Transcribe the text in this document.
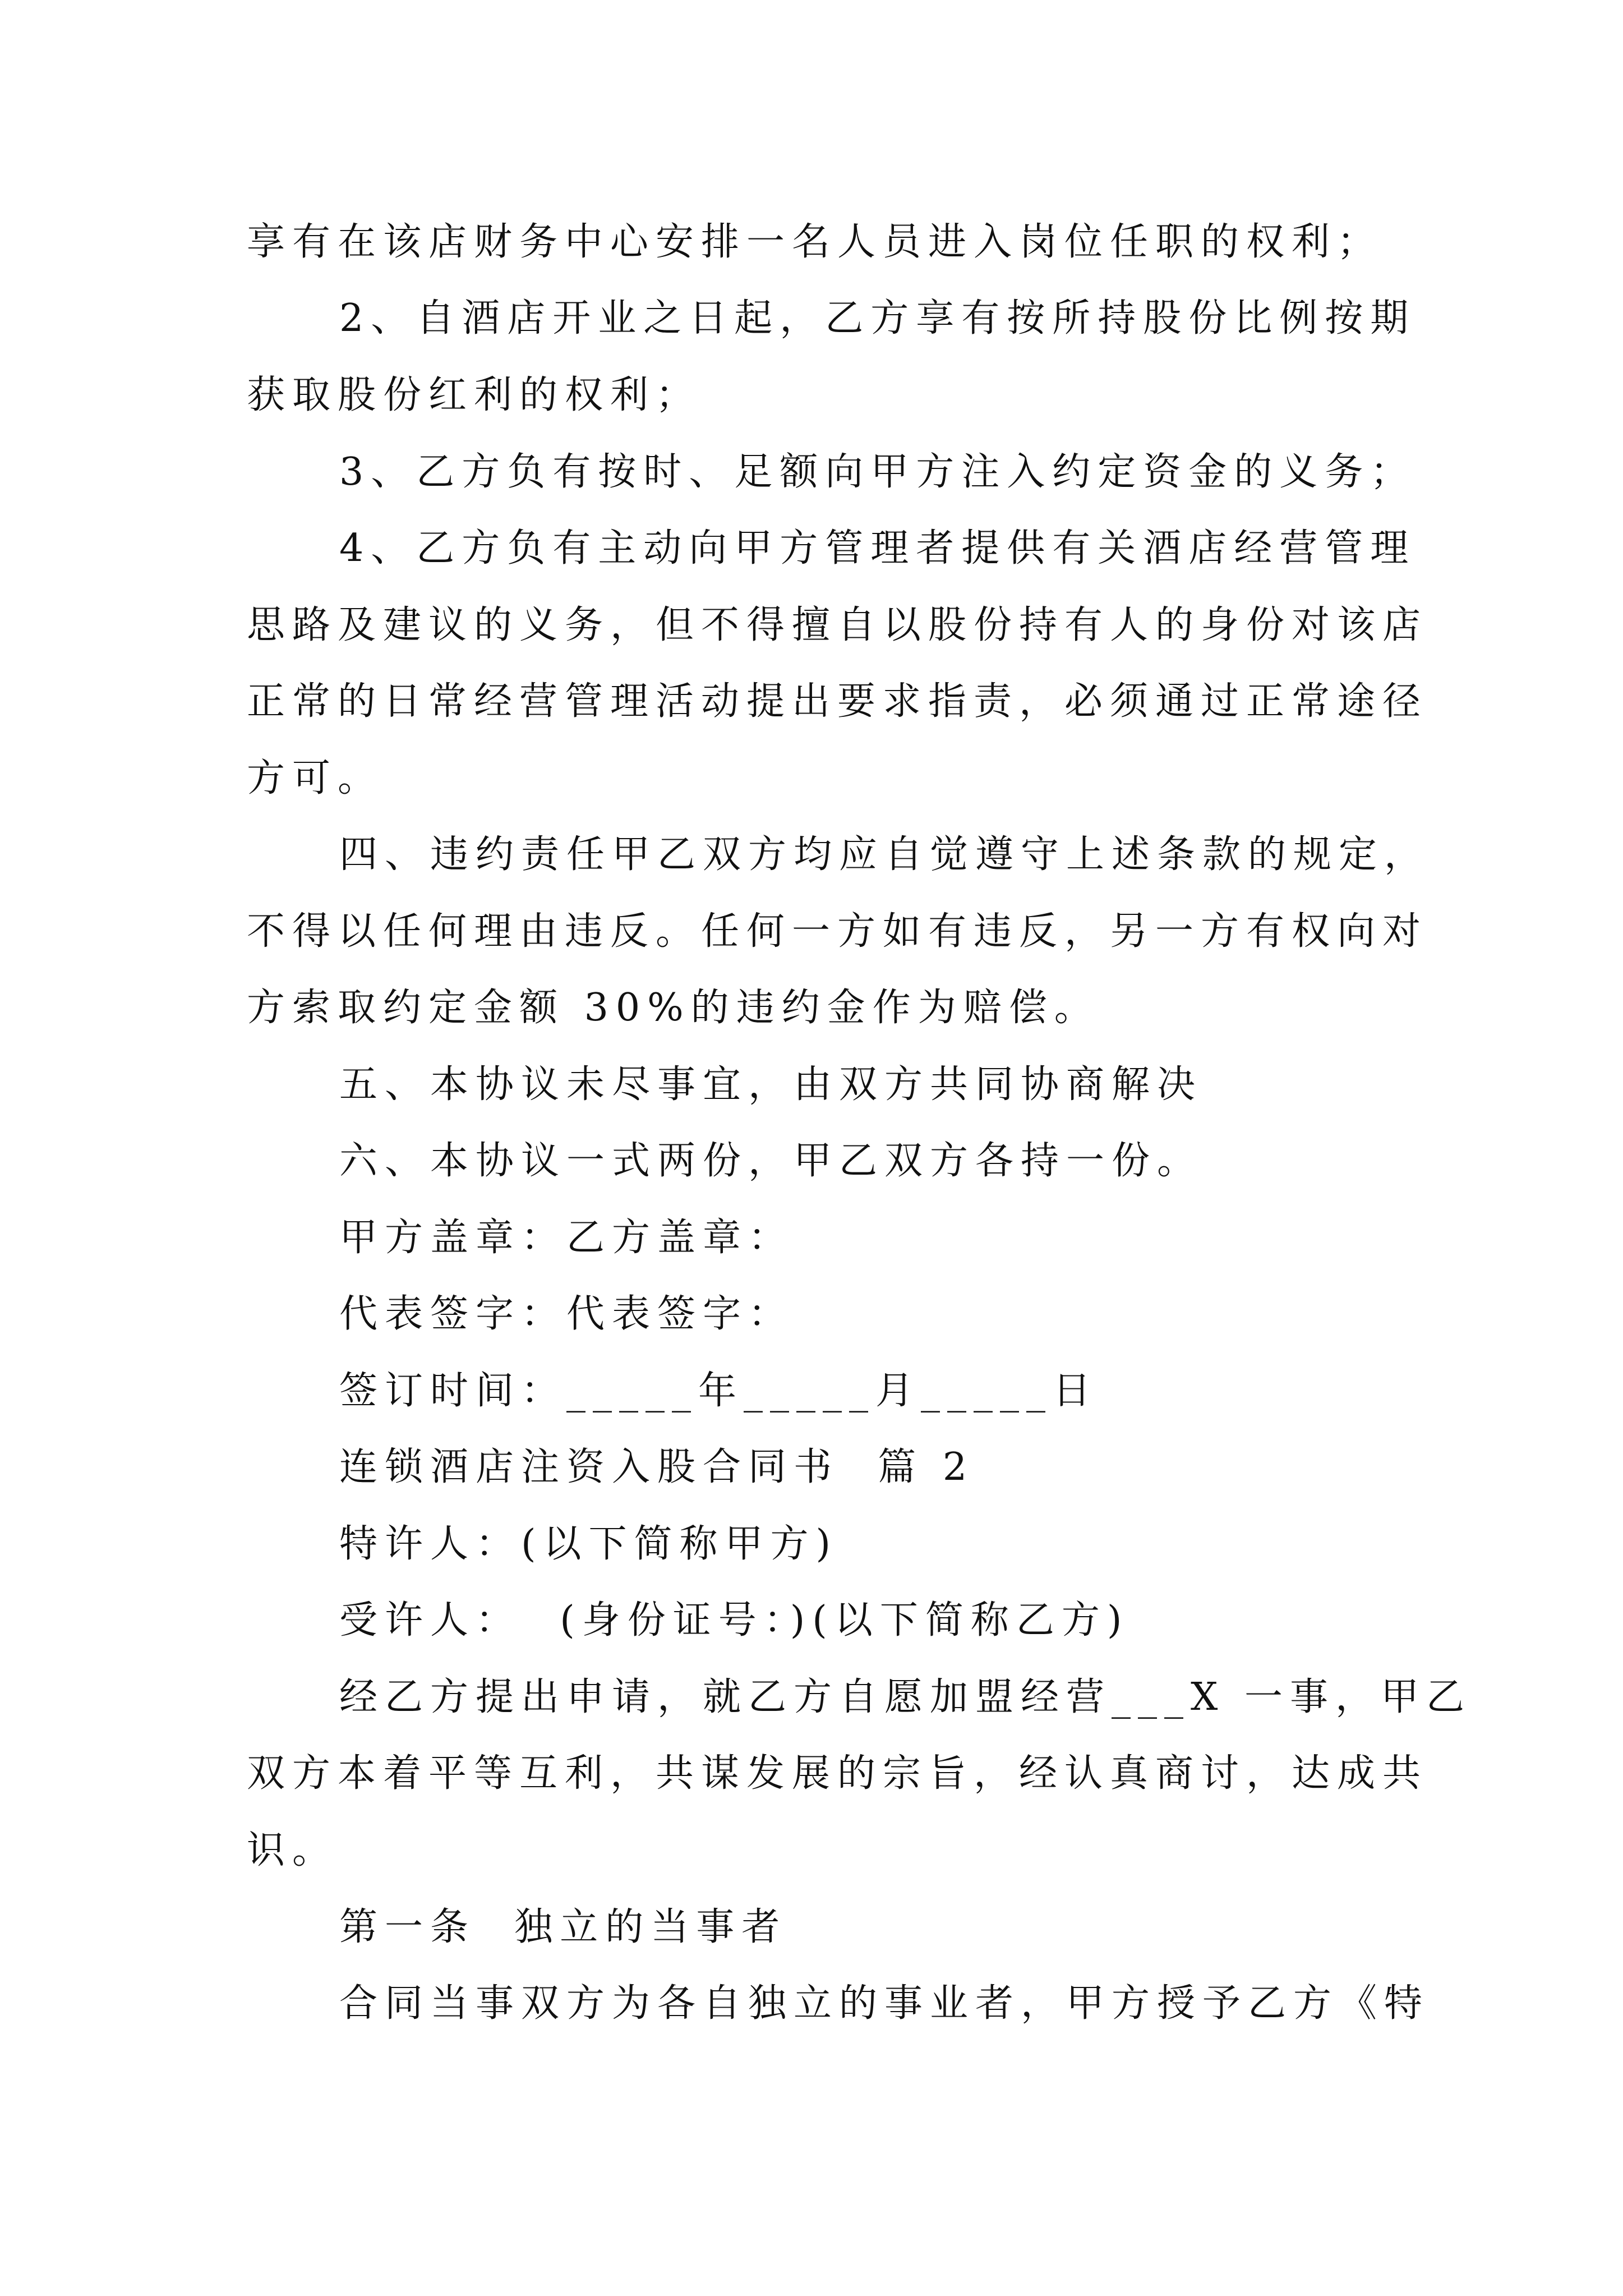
享有在该店财务中心安排一名人员进入岗位任职的权利；

2、自酒店开业之日起，乙方享有按所持股份比例按期

获取股份红利的权利；

3、乙方负有按时、足额向甲方注入约定资金的义务；

4、乙方负有主动向甲方管理者提供有关酒店经营管理

思路及建议的义务，但不得擅自以股份持有人的身份对该店

正常的日常经营管理活动提出要求指责，必须通过正常途径

方可。

四、违约责任甲乙双方均应自觉遵守上述条款的规定，

不得以任何理由违反。任何一方如有违反，另一方有权向对

方索取约定金额 30%的违约金作为赔偿。

五、本协议未尽事宜，由双方共同协商解决

六、本协议一式两份，甲乙双方各持一份。

甲方盖章：乙方盖章：

代表签字：代表签字：

签订时间：_____年_____月_____日

连锁酒店注资入股合同书  篇 2

特许人：(以下简称甲方)

受许人：  (身份证号：)(以下简称乙方)

经乙方提出申请，就乙方自愿加盟经营___X 一事，甲乙

双方本着平等互利，共谋发展的宗旨，经认真商讨，达成共

识。

第一条  独立的当事者

合同当事双方为各自独立的事业者，甲方授予乙方《特
